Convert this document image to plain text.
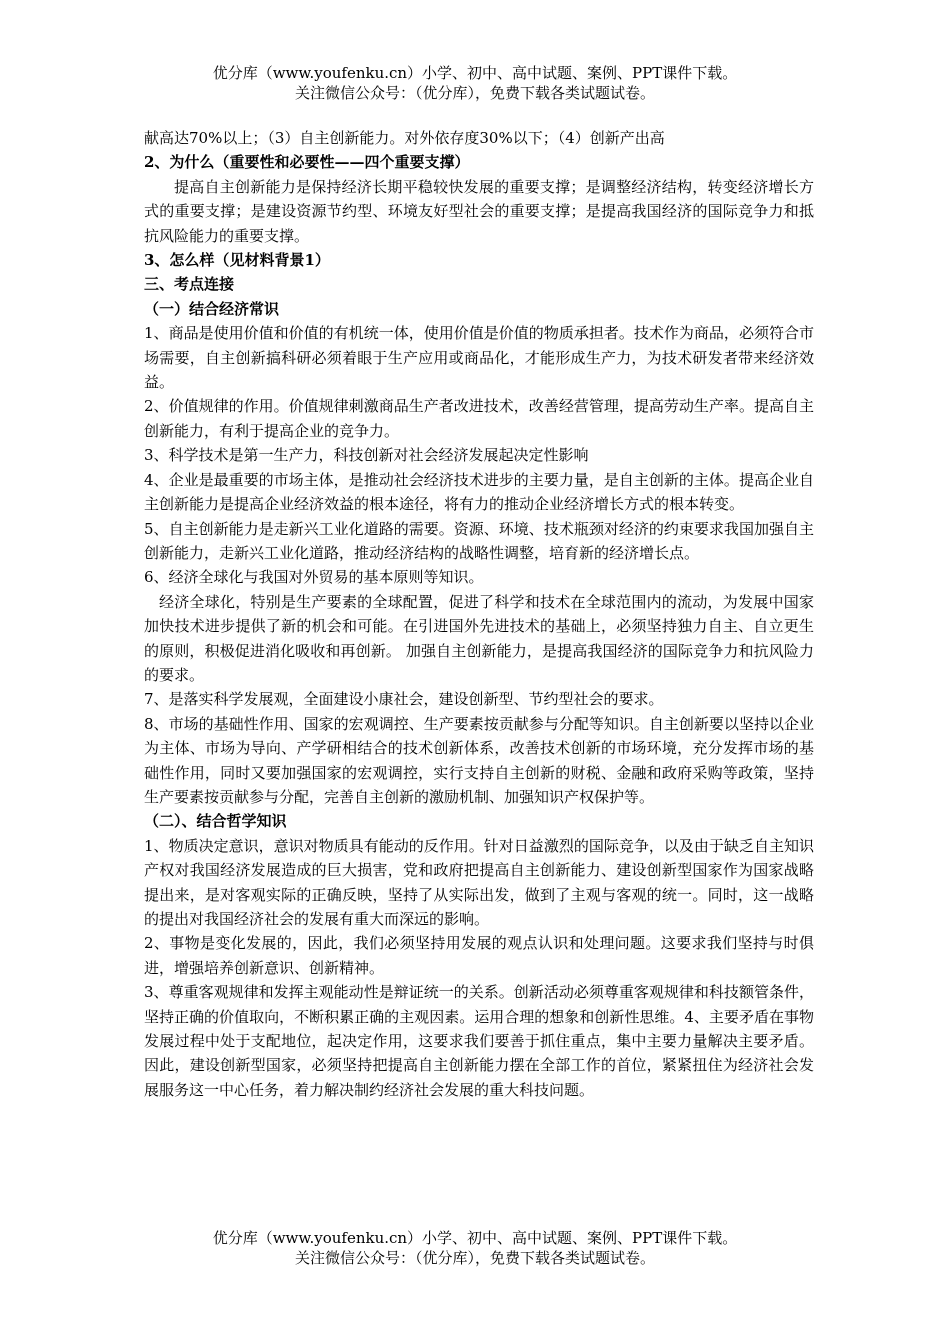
优分库（www.youfenku.cn）小学、初中、高中试题、案例、PPT课件下载。
关注微信公众号：（优分库），免费下载各类试题试卷。

献高达70%以上；（3）自主创新能力。对外依存度30%以下；（4）创新产出高

2、为什么（重要性和必要性——四个重要支撑）

提高自主创新能力是保持经济长期平稳较快发展的重要支撑；是调整经济结构，转变经济增长方式的重要支撑；是建设资源节约型、环境友好型社会的重要支撑；是提高我国经济的国际竞争力和抵抗风险能力的重要支撑。

3、怎么样（见材料背景1）

三、考点连接

（一）结合经济常识

1、商品是使用价值和价值的有机统一体，使用价值是价值的物质承担者。技术作为商品，必须符合市场需要，自主创新搞科研必须着眼于生产应用或商品化，才能形成生产力，为技术研发者带来经济效益。

2、价值规律的作用。价值规律刺激商品生产者改进技术，改善经营管理，提高劳动生产率。提高自主创新能力，有利于提高企业的竞争力。

3、科学技术是第一生产力，科技创新对社会经济发展起决定性影响

4、企业是最重要的市场主体，是推动社会经济技术进步的主要力量，是自主创新的主体。提高企业自主创新能力是提高企业经济效益的根本途径，将有力的推动企业经济增长方式的根本转变。

5、自主创新能力是走新兴工业化道路的需要。资源、环境、技术瓶颈对经济的约束要求我国加强自主创新能力，走新兴工业化道路，推动经济结构的战略性调整，培育新的经济增长点。

6、经济全球化与我国对外贸易的基本原则等知识。

经济全球化，特别是生产要素的全球配置，促进了科学和技术在全球范围内的流动，为发展中国家加快技术进步提供了新的机会和可能。在引进国外先进技术的基础上，必须坚持独力自主、自立更生的原则，积极促进消化吸收和再创新。 加强自主创新能力，是提高我国经济的国际竞争力和抗风险力的要求。

7、是落实科学发展观，全面建设小康社会，建设创新型、节约型社会的要求。

8、市场的基础性作用、国家的宏观调控、生产要素按贡献参与分配等知识。自主创新要以坚持以企业为主体、市场为导向、产学研相结合的技术创新体系，改善技术创新的市场环境，充分发挥市场的基础性作用，同时又要加强国家的宏观调控，实行支持自主创新的财税、金融和政府采购等政策，坚持生产要素按贡献参与分配，完善自主创新的激励机制、加强知识产权保护等。

（二）、结合哲学知识

1、物质决定意识，意识对物质具有能动的反作用。针对日益激烈的国际竞争，以及由于缺乏自主知识产权对我国经济发展造成的巨大损害，党和政府把提高自主创新能力、建设创新型国家作为国家战略提出来，是对客观实际的正确反映，坚持了从实际出发，做到了主观与客观的统一。同时，这一战略的提出对我国经济社会的发展有重大而深远的影响。

2、事物是变化发展的，因此，我们必须坚持用发展的观点认识和处理问题。这要求我们坚持与时俱进，增强培养创新意识、创新精神。

3、尊重客观规律和发挥主观能动性是辩证统一的关系。创新活动必须尊重客观规律和科技额管条件，坚持正确的价值取向，不断积累正确的主观因素。运用合理的想象和创新性思维。4、主要矛盾在事物发展过程中处于支配地位，起决定作用，这要求我们要善于抓住重点，集中主要力量解决主要矛盾。因此，建设创新型国家，必须坚持把提高自主创新能力摆在全部工作的首位，紧紧扭住为经济社会发展服务这一中心任务，着力解决制约经济社会发展的重大科技问题。

优分库（www.youfenku.cn）小学、初中、高中试题、案例、PPT课件下载。
关注微信公众号：（优分库），免费下载各类试题试卷。
